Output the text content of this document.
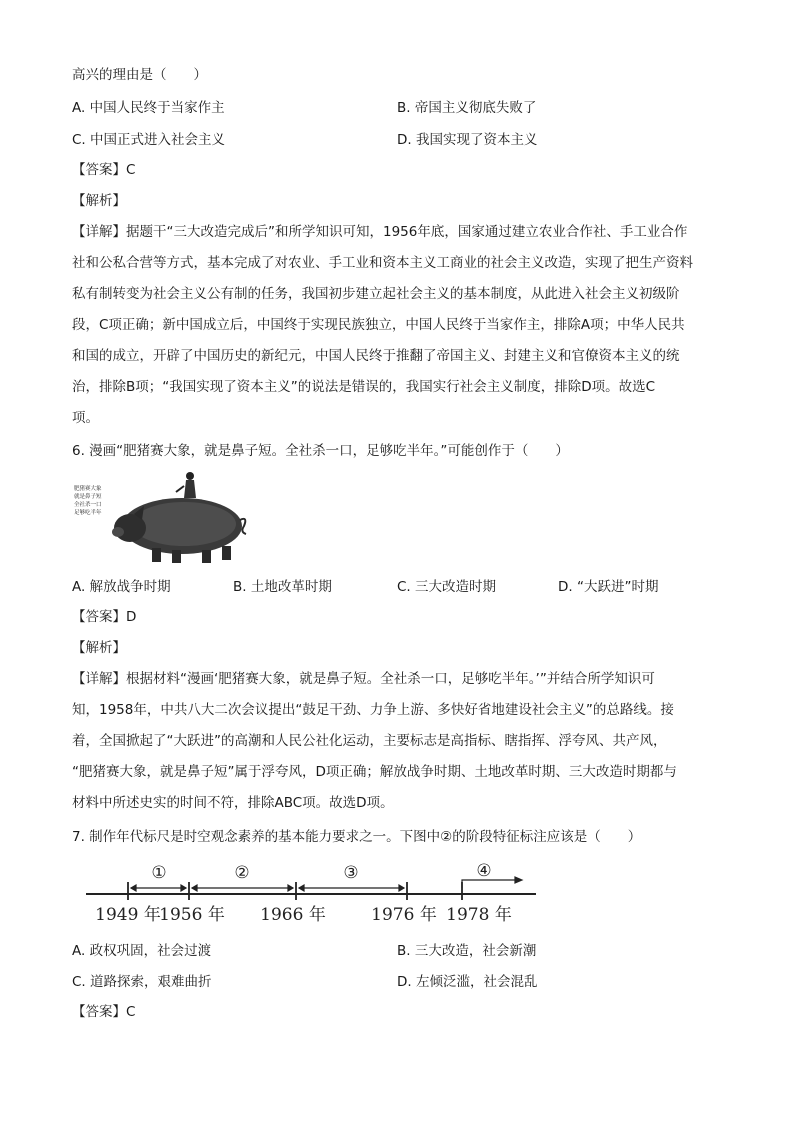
高兴的理由是（　　）
A. 中国人民终于当家作主	B. 帝国主义彻底失败了
C. 中国正式进入社会主义	D. 我国实现了资本主义
【答案】C
【解析】
【详解】据题干“三大改造完成后”和所学知识可知，1956年底，国家通过建立农业合作社、手工业合作
社和公私合营等方式，基本完成了对农业、手工业和资本主义工商业的社会主义改造，实现了把生产资料
私有制转变为社会主义公有制的任务，我国初步建立起社会主义的基本制度，从此进入社会主义初级阶
段，C项正确；新中国成立后，中国终于实现民族独立，中国人民终于当家作主，排除A项；中华人民共
和国的成立，开辟了中国历史的新纪元，中国人民终于推翻了帝国主义、封建主义和官僚资本主义的统
治，排除B项；“我国实现了资本主义”的说法是错误的，我国实行社会主义制度，排除D项。故选C
项。
6. 漫画“肥猪赛大象，就是鼻子短。全社杀一口，足够吃半年。”可能创作于（　　）
肥猪赛大象
就是鼻子短
全社杀一口
足够吃半年
A. 解放战争时期	B. 土地改革时期	C. 三大改造时期	D. “大跃进”时期
【答案】D
【解析】
【详解】根据材料“漫画‘肥猪赛大象，就是鼻子短。全社杀一口，足够吃半年。’”并结合所学知识可
知，1958年，中共八大二次会议提出“鼓足干劲、力争上游、多快好省地建设社会主义”的总路线。接
着，全国掀起了“大跃进”的高潮和人民公社化运动，主要标志是高指标、瞎指挥、浮夸风、共产风，
“肥猪赛大象，就是鼻子短”属于浮夸风，D项正确；解放战争时期、土地改革时期、三大改造时期都与
材料中所述史实的时间不符，排除ABC项。故选D项。
7. 制作年代标尺是时空观念素养的基本能力要求之一。下图中②的阶段特征标注应该是（　　）
①	②	③	④
1949 年
1956 年 1966 年	1976 年 1978 年
A. 政权巩固，社会过渡	B. 三大改造，社会新潮
C. 道路探索，艰难曲折	D. 左倾泛滥，社会混乱
【答案】C
